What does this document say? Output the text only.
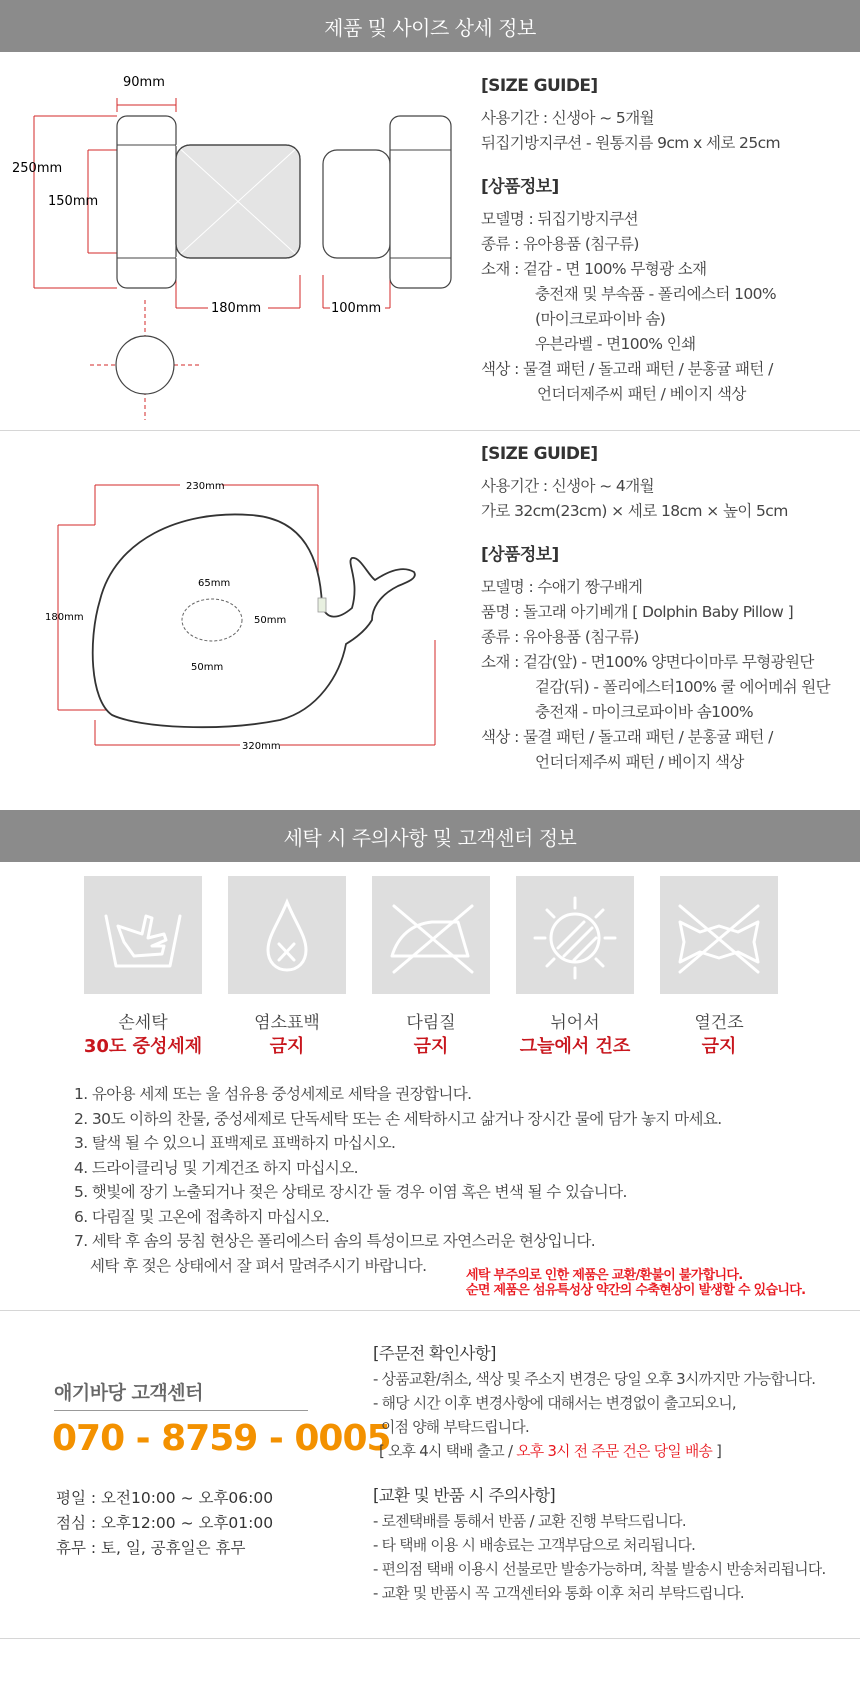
제품 및 사이즈 상세 정보
90mm
250mm
150mm
180mm	100mm
[SIZE GUIDE]
사용기간 : 신생아 ~ 5개월
뒤집기방지쿠션 - 원통지름 9cm x 세로 25cm
[상품정보]
모델명 : 뒤집기방지쿠션
종류 : 유아용품 (침구류)
소재 : 겉감 - 면 100% 무형광 소재
충전재 및 부속품 - 폴리에스터 100%
(마이크로파이바 솜)
우븐라벨 - 면100% 인쇄
색상 : 물결 패턴 / 돌고래 패턴 / 분홍귤 패턴 /
언더더제주씨 패턴 / 베이지 색상
230mm
180mm
65mm
50mm
50mm
320mm
[SIZE GUIDE]
사용기간 : 신생아 ~ 4개월
가로 32cm(23cm) × 세로 18cm × 높이 5cm
[상품정보]
모델명 : 수애기 짱구배게
품명 : 돌고래 아기베개 [ Dolphin Baby Pillow ]
종류 : 유아용품 (침구류)
소재 : 겉감(앞) - 면100% 양면다이마루 무형광원단
겉감(뒤) - 폴리에스터100% 쿨 에어메쉬 원단
충전재 - 마이크로파이바 솜100%
색상 : 물결 패턴 / 돌고래 패턴 / 분홍귤 패턴 /
언더더제주씨 패턴 / 베이지 색상
세탁 시 주의사항 및 고객센터 정보
손세탁	염소표백	다림질	뉘어서	열건조
30도 중성세제	금지	금지	그늘에서 건조	금지
1. 유아용 세제 또는 울 섬유용 중성세제로 세탁을 권장합니다.
2. 30도 이하의 찬물, 중성세제로 단독세탁 또는 손 세탁하시고 삶거나 장시간 물에 담가 놓지 마세요.
3. 탈색 될 수 있으니 표백제로 표백하지 마십시오.
4. 드라이클리닝 및 기계건조 하지 마십시오.
5. 햇빛에 장기 노출되거나 젖은 상태로 장시간 둘 경우 이염 혹은 변색 될 수 있습니다.
6. 다림질 및 고온에 접촉하지 마십시오.
7. 세탁 후 솜의 뭉침 현상은 폴리에스터 솜의 특성이므로 자연스러운 현상입니다.
세탁 후 젖은 상태에서 잘 펴서 말려주시기 바랍니다.
세탁 부주의로 인한 제품은 교환/환불이 불가합니다.
순면 제품은 섬유특성상 약간의 수축현상이 발생할 수 있습니다.
애기바당 고객센터
070 - 8759 - 0005
평일 : 오전10:00 ~ 오후06:00
점심 : 오후12:00 ~ 오후01:00
휴무 : 토, 일, 공휴일은 휴무
[주문전 확인사항]
- 상품교환/취소, 색상 및 주소지 변경은 당일 오후 3시까지만 가능합니다.
- 해당 시간 이후 변경사항에 대해서는 변경없이 출고되오니,
이점 양해 부탁드립니다.
[ 오후 4시 택배 출고 / 오후 3시 전 주문 건은 당일 배송 ]
[교환 및 반품 시 주의사항]
- 로젠택배를 통해서 반품 / 교환 진행 부탁드립니다.
- 타 택배 이용 시 배송료는 고객부담으로 처리됩니다.
- 편의점 택배 이용시 선불로만 발송가능하며, 착불 발송시 반송처리됩니다.
- 교환 및 반품시 꼭 고객센터와 통화 이후 처리 부탁드립니다.
